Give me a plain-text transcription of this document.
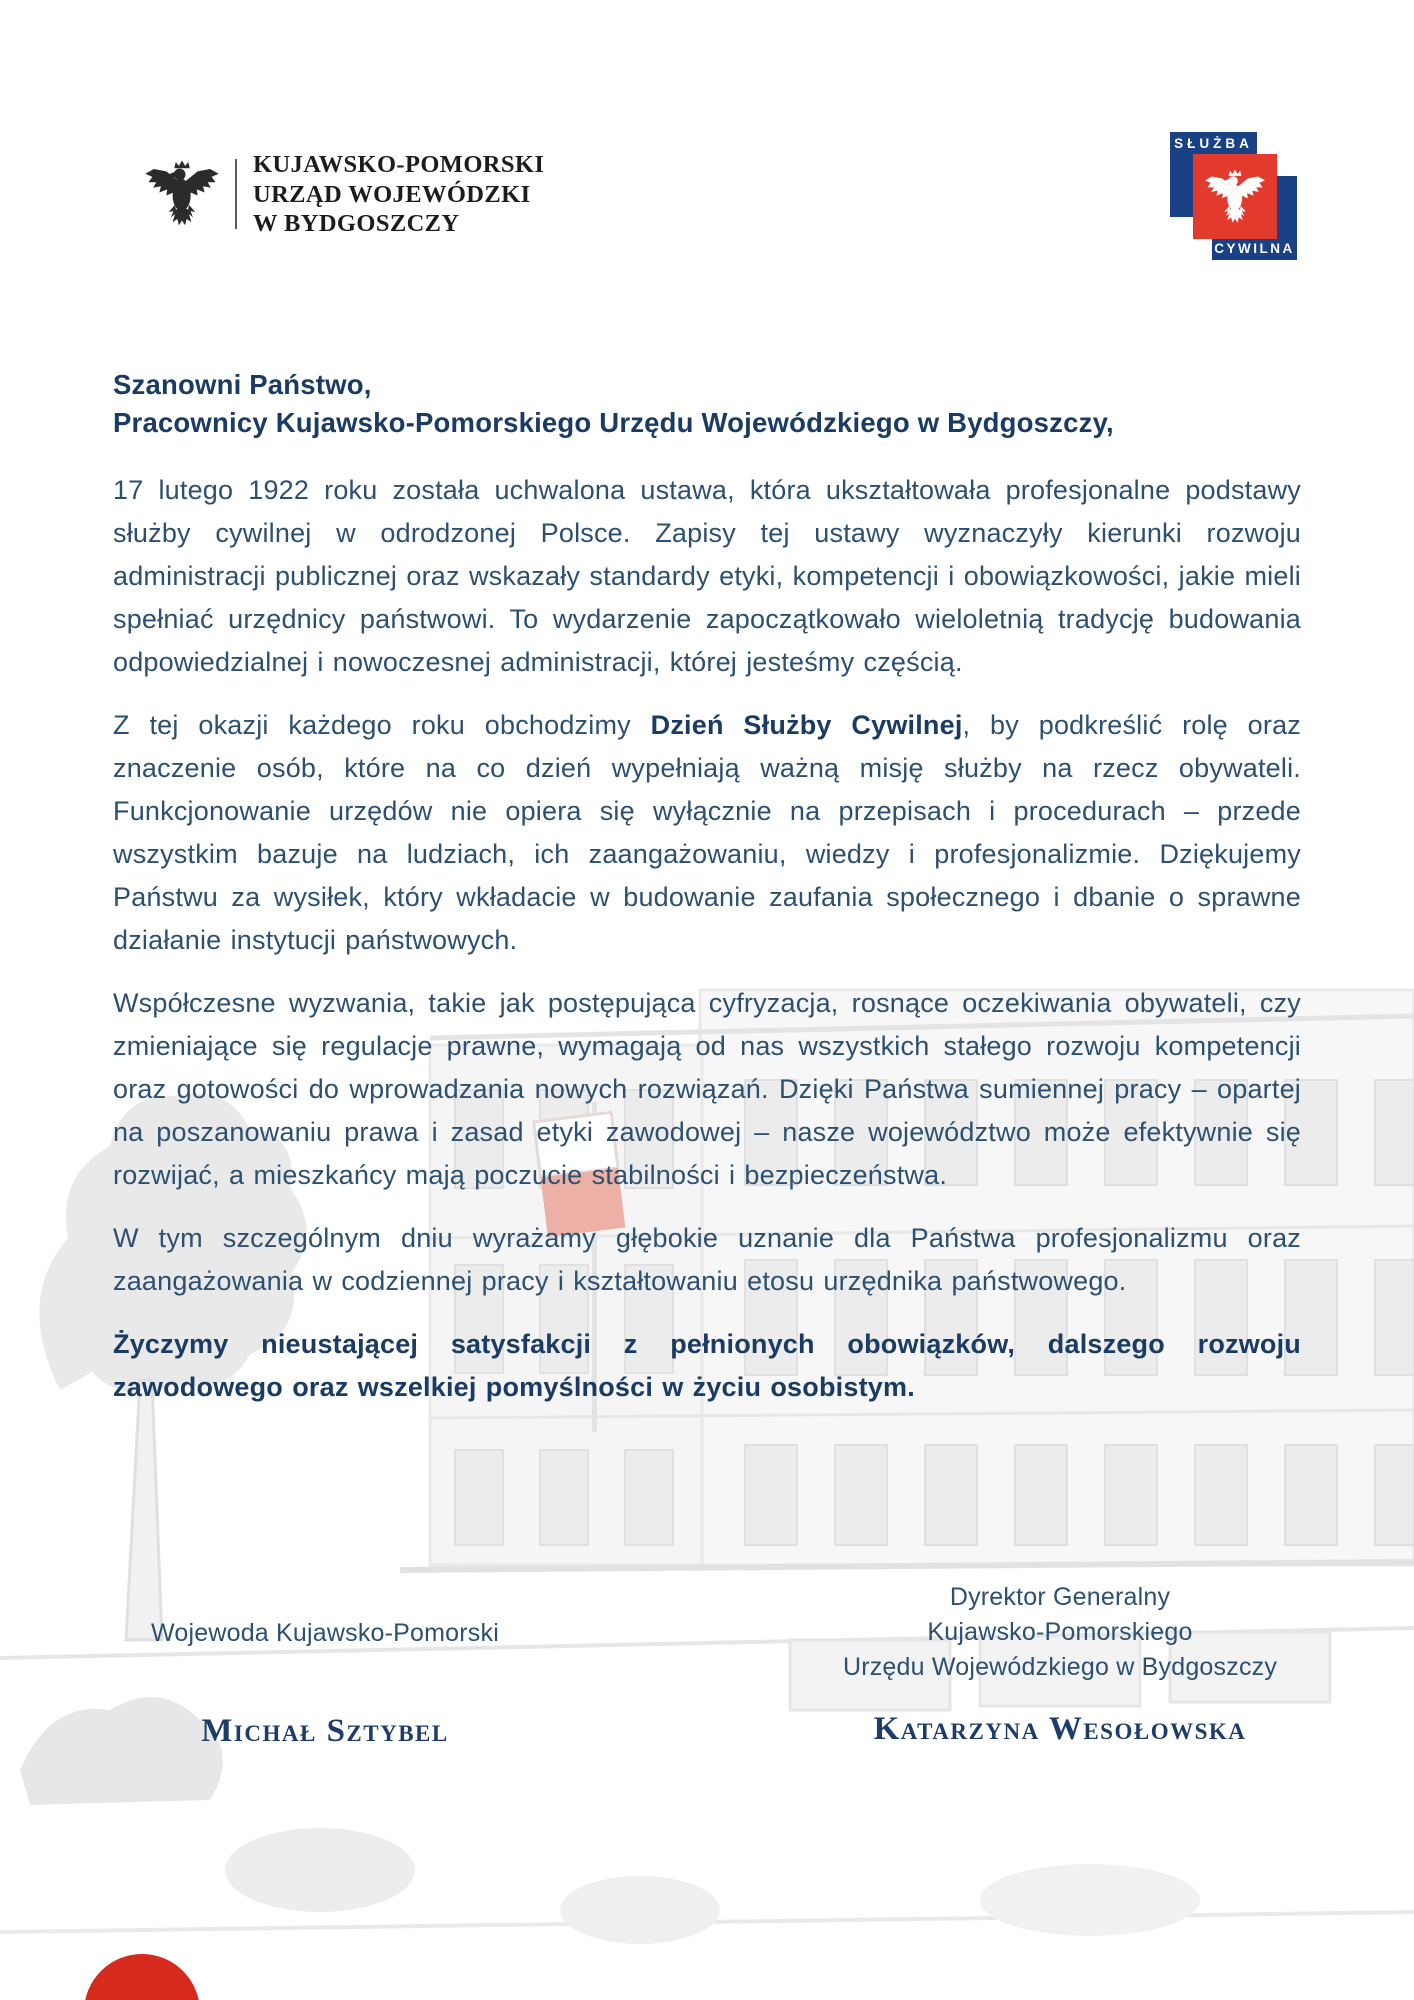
KUJAWSKO-POMORSKI
URZĄD WOJEWÓDZKI
W BYDGOSZCZY
SŁUŻBA
CYWILNA
Szanowni Państwo,
Pracownicy Kujawsko-Pomorskiego Urzędu Wojewódzkiego w Bydgoszczy,

17 lutego 1922 roku została uchwalona ustawa, która ukształtowała profesjonalne podstawy służby cywilnej w odrodzonej Polsce. Zapisy tej ustawy wyznaczyły kierunki rozwoju administracji publicznej oraz wskazały standardy etyki, kompetencji i obowiązkowości, jakie mieli spełniać urzędnicy państwowi. To wydarzenie zapoczątkowało wieloletnią tradycję budowania odpowiedzialnej i nowoczesnej administracji, której jesteśmy częścią.

Z tej okazji każdego roku obchodzimy Dzień Służby Cywilnej, by podkreślić rolę oraz znaczenie osób, które na co dzień wypełniają ważną misję służby na rzecz obywateli. Funkcjonowanie urzędów nie opiera się wyłącznie na przepisach i procedurach – przede wszystkim bazuje na ludziach, ich zaangażowaniu, wiedzy i profesjonalizmie. Dziękujemy Państwu za wysiłek, który wkładacie w budowanie zaufania społecznego i dbanie o sprawne działanie instytucji państwowych.

Współczesne wyzwania, takie jak postępująca cyfryzacja, rosnące oczekiwania obywateli, czy zmieniające się regulacje prawne, wymagają od nas wszystkich stałego rozwoju kompetencji oraz gotowości do wprowadzania nowych rozwiązań. Dzięki Państwa sumiennej pracy – opartej na poszanowaniu prawa i zasad etyki zawodowej – nasze województwo może efektywnie się rozwijać, a mieszkańcy mają poczucie stabilności i bezpieczeństwa.

W tym szczególnym dniu wyrażamy głębokie uznanie dla Państwa profesjonalizmu oraz zaangażowania w codziennej pracy i kształtowaniu etosu urzędnika państwowego.

Życzymy nieustającej satysfakcji z pełnionych obowiązków, dalszego rozwoju zawodowego oraz wszelkiej pomyślności w życiu osobistym.

Wojewoda Kujawsko-Pomorski
Michał Sztybel
Dyrektor Generalny
Kujawsko-Pomorskiego
Urzędu Wojewódzkiego w Bydgoszczy
Katarzyna Wesołowska
